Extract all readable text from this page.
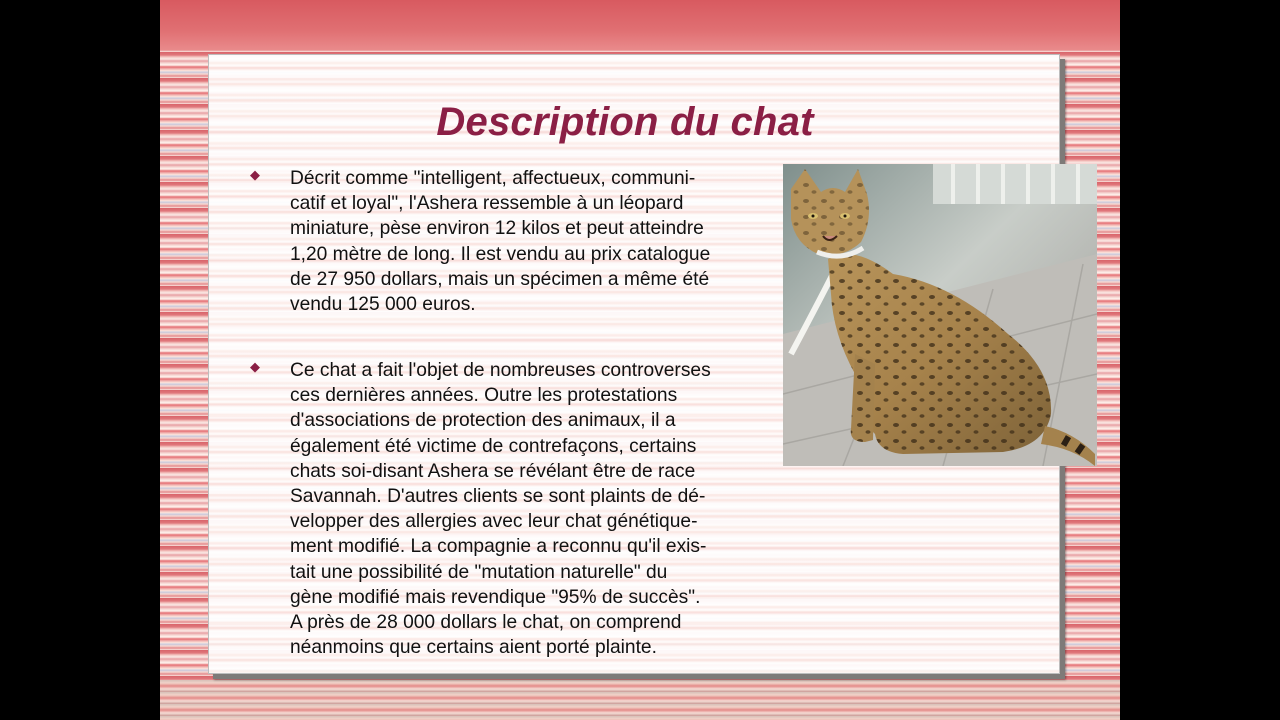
Description du chat
◆	Décrit comme "intelligent, affectueux, communi-
catif et loyal", l'Ashera ressemble à un léopard
miniature, pèse environ 12 kilos et peut atteindre
1,20 mètre de long. Il est vendu au prix catalogue
de 27 950 dollars, mais un spécimen a même été
vendu 125 000 euros.

◆	Ce chat a fait l'objet de nombreuses controverses
ces dernières années. Outre les protestations
d'associations de protection des animaux, il a
également été victime de contrefaçons, certains
chats soi-disant Ashera se révélant être de race
Savannah. D'autres clients se sont plaints de dé-
velopper des allergies avec leur chat génétique-
ment modifié. La compagnie a reconnu qu'il exis-
tait une possibilité de "mutation naturelle" du
gène modifié mais revendique "95% de succès".
A près de 28 000 dollars le chat, on comprend
néanmoins que certains aient porté plainte.
